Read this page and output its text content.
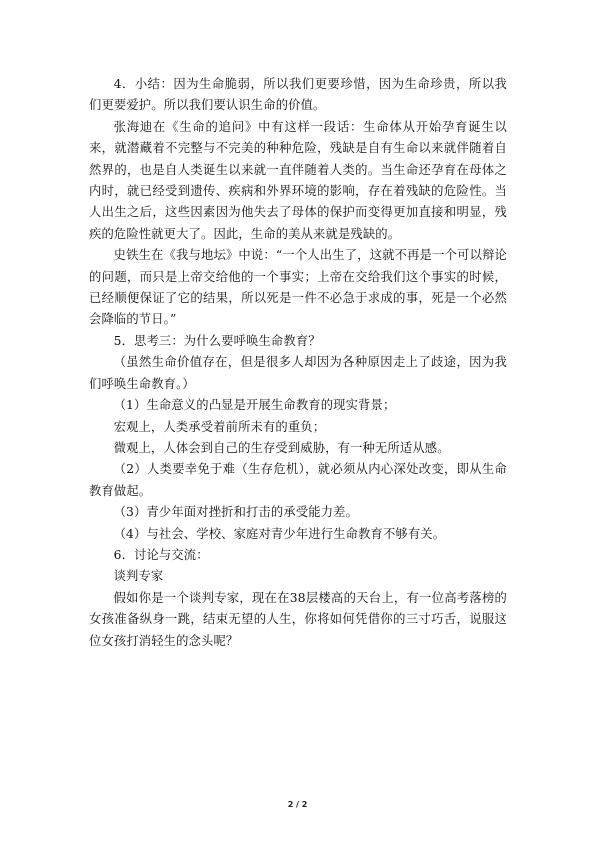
4．小结：因为生命脆弱，所以我们更要珍惜，因为生命珍贵，所以我们更要爱护。所以我们要认识生命的价值。

张海迪在《生命的追问》中有这样一段话：生命体从开始孕育诞生以来，就潜藏着不完整与不完美的种种危险，残缺是自有生命以来就伴随着自然界的，也是自人类诞生以来就一直伴随着人类的。当生命还孕育在母体之内时，就已经受到遗传、疾病和外界环境的影响，存在着残缺的危险性。当人出生之后，这些因素因为他失去了母体的保护而变得更加直接和明显，残疾的危险性就更大了。因此，生命的美从来就是残缺的。

史铁生在《我与地坛》中说：“一个人出生了，这就不再是一个可以辩论的问题，而只是上帝交给他的一个事实；上帝在交给我们这个事实的时候，已经顺便保证了它的结果，所以死是一件不必急于求成的事，死是一个必然会降临的节日。”

5．思考三：为什么要呼唤生命教育？

（虽然生命价值存在，但是很多人却因为各种原因走上了歧途，因为我们呼唤生命教育。）

（1）生命意义的凸显是开展生命教育的现实背景；

宏观上，人类承受着前所未有的重负；

微观上，人体会到自己的生存受到威胁，有一种无所适从感。

（2）人类要幸免于难（生存危机），就必须从内心深处改变，即从生命教育做起。

（3）青少年面对挫折和打击的承受能力差。

（4）与社会、学校、家庭对青少年进行生命教育不够有关。

6．讨论与交流：

谈判专家

假如你是一个谈判专家，现在在38层楼高的天台上，有一位高考落榜的女孩准备纵身一跳，结束无望的人生，你将如何凭借你的三寸巧舌，说服这位女孩打消轻生的念头呢？

2 / 2
